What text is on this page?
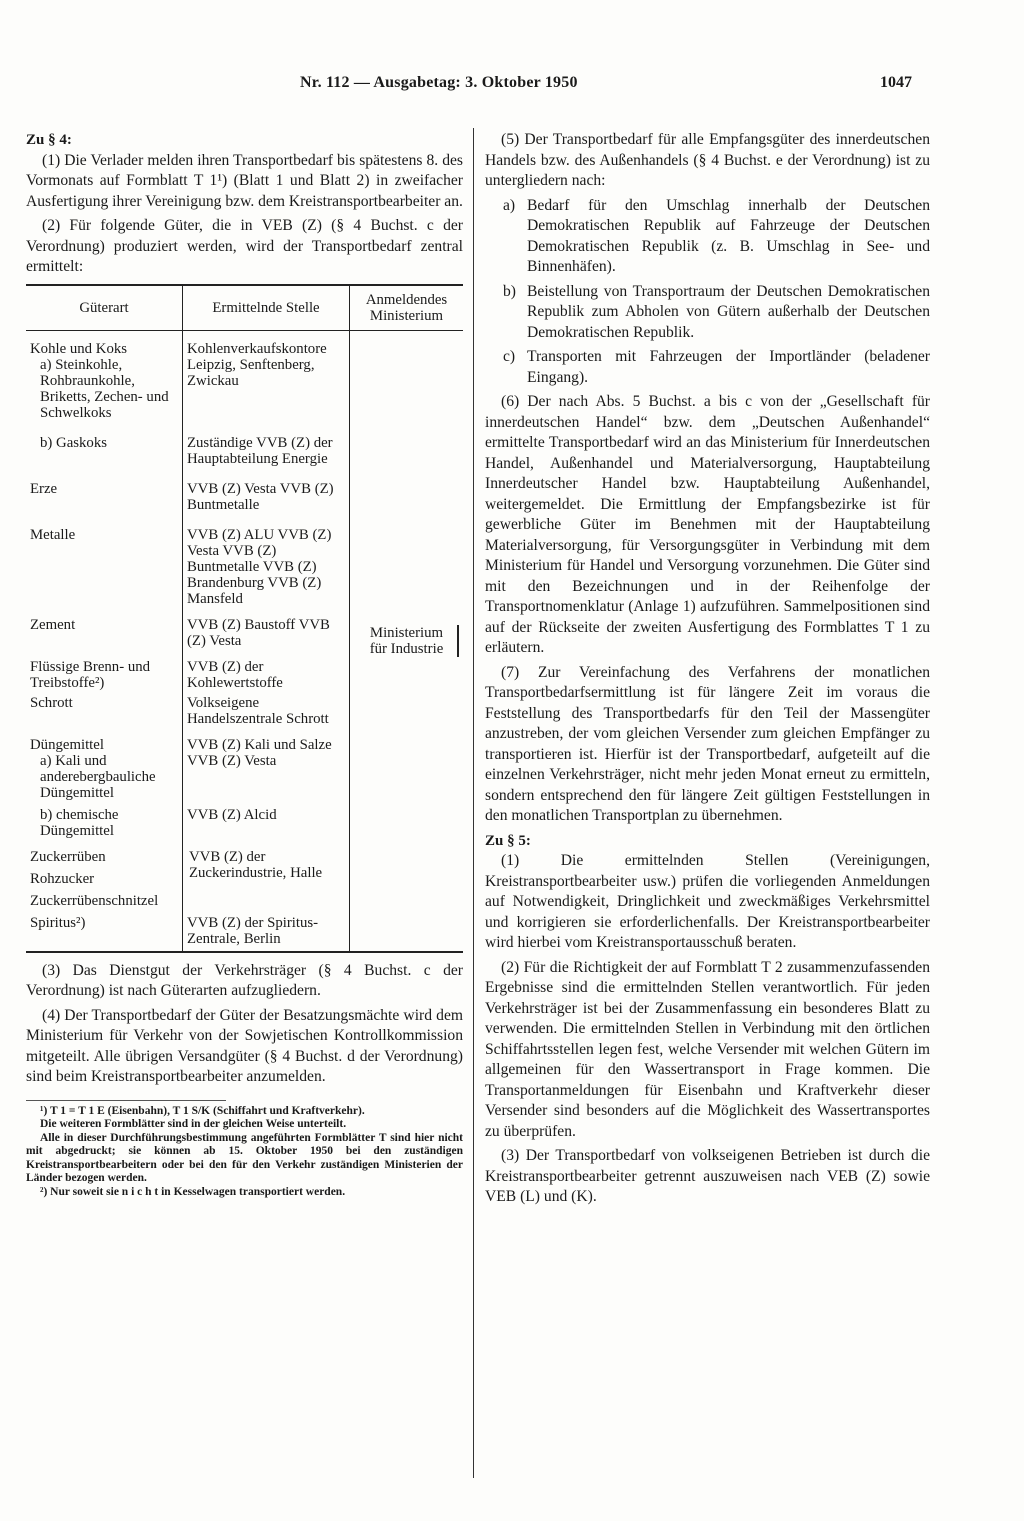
Nr. 112 — Ausgabetag: 3. Oktober 1950	1047

Zu § 4:

(1) Die Verlader melden ihren Transportbedarf bis spätestens 8. des Vormonats auf Formblatt T 1¹) (Blatt 1 und Blatt 2) in zweifacher Ausfertigung ihrer Vereinigung bzw. dem Kreistransportbearbeiter an.

(2) Für folgende Güter, die in VEB (Z) (§ 4 Buchst. c der Verordnung) produziert werden, wird der Transportbedarf zentral ermittelt:

Güterart	Ermittelnde Stelle	Anmeldendes Ministerium

		Ministerium für Industrie

Kohle und Koks	Kohlenverkaufskontore Leipzig, Senftenberg, Zwickau	
a) Steinkohle, Rohbraunkohle, Briketts, Zechen- und Schwelkoks		
b) Gaskoks	Zuständige VVB (Z) der Hauptabteilung Energie	
Erze	VVB (Z) Vesta VVB (Z) Buntmetalle	
Metalle	VVB (Z) ALU VVB (Z) Vesta VVB (Z) Buntmetalle VVB (Z) Brandenburg VVB (Z) Mansfeld	
Zement	VVB (Z) Baustoff VVB (Z) Vesta	
Flüssige Brenn- und Treibstoffe²)	VVB (Z) der Kohlewertstoffe	
Schrott	Volkseigene Handelszentrale Schrott	
Düngemittel	VVB (Z) Kali und Salze VVB (Z) Vesta	
a) Kali und anderebergbauliche Düngemittel		
b) chemische Düngemittel	VVB (Z) Alcid	
Zuckerrüben	VVB (Z) der Zuckerindustrie, Halle	
Rohzucker		
Zuckerrübenschnitzel		
Spiritus²)	VVB (Z) der Spiritus-Zentrale, Berlin	

(3) Das Dienstgut der Verkehrsträger (§ 4 Buchst. c der Verordnung) ist nach Güterarten aufzugliedern.

(4) Der Transportbedarf der Güter der Besatzungsmächte wird dem Ministerium für Verkehr von der Sowjetischen Kontrollkommission mitgeteilt. Alle übrigen Versandgüter (§ 4 Buchst. d der Verordnung) sind beim Kreistransportbearbeiter anzumelden.

¹) T 1 = T 1 E (Eisenbahn), T 1 S/K (Schiffahrt und Kraftverkehr).

Die weiteren Formblätter sind in der gleichen Weise unterteilt.

Alle in dieser Durchführungsbestimmung angeführten Formblätter T sind hier nicht mit abgedruckt; sie können ab 15. Oktober 1950 bei den zuständigen Kreistransportbearbeitern oder bei den für den Verkehr zuständigen Ministerien der Länder bezogen werden.

²) Nur soweit sie n i c h t in Kesselwagen transportiert werden.

(5) Der Transportbedarf für alle Empfangsgüter des innerdeutschen Handels bzw. des Außenhandels (§ 4 Buchst. e der Verordnung) ist zu untergliedern nach:

a) Bedarf für den Umschlag innerhalb der Deutschen Demokratischen Republik auf Fahrzeuge der Deutschen Demokratischen Republik (z. B. Umschlag in See- und Binnenhäfen).
b) Beistellung von Transportraum der Deutschen Demokratischen Republik zum Abholen von Gütern außerhalb der Deutschen Demokratischen Republik.
c) Transporten mit Fahrzeugen der Importländer (beladener Eingang).

(6) Der nach Abs. 5 Buchst. a bis c von der „Gesellschaft für innerdeutschen Handel“ bzw. dem „Deutschen Außenhandel“ ermittelte Transportbedarf wird an das Ministerium für Innerdeutschen Handel, Außenhandel und Materialversorgung, Hauptabteilung Innerdeutscher Handel bzw. Hauptabteilung Außenhandel, weitergemeldet. Die Ermittlung der Empfangsbezirke ist für gewerbliche Güter im Benehmen mit der Hauptabteilung Materialversorgung, für Versorgungsgüter in Verbindung mit dem Ministerium für Handel und Versorgung vorzunehmen. Die Güter sind mit den Bezeichnungen und in der Reihenfolge der Transportnomenklatur (Anlage 1) aufzuführen. Sammelpositionen sind auf der Rückseite der zweiten Ausfertigung des Formblattes T 1 zu erläutern.

(7) Zur Vereinfachung des Verfahrens der monatlichen Transportbedarfsermittlung ist für längere Zeit im voraus die Feststellung des Transportbedarfs für den Teil der Massengüter anzustreben, der vom gleichen Versender zum gleichen Empfänger zu transportieren ist. Hierfür ist der Transportbedarf, aufgeteilt auf die einzelnen Verkehrsträger, nicht mehr jeden Monat erneut zu ermitteln, sondern entsprechend den für längere Zeit gültigen Feststellungen in den monatlichen Transportplan zu übernehmen.

Zu § 5:

(1) Die ermittelnden Stellen (Vereinigungen, Kreistransportbearbeiter usw.) prüfen die vorliegenden Anmeldungen auf Notwendigkeit, Dringlichkeit und zweckmäßiges Verkehrsmittel und korrigieren sie erforderlichenfalls. Der Kreistransportbearbeiter wird hierbei vom Kreistransportausschuß beraten.

(2) Für die Richtigkeit der auf Formblatt T 2 zusammenzufassenden Ergebnisse sind die ermittelnden Stellen verantwortlich. Für jeden Verkehrsträger ist bei der Zusammenfassung ein besonderes Blatt zu verwenden. Die ermittelnden Stellen in Verbindung mit den örtlichen Schiffahrtsstellen legen fest, welche Versender mit welchen Gütern im allgemeinen für den Wassertransport in Frage kommen. Die Transportanmeldungen für Eisenbahn und Kraftverkehr dieser Versender sind besonders auf die Möglichkeit des Wassertransportes zu überprüfen.

(3) Der Transportbedarf von volkseigenen Betrieben ist durch die Kreistransportbearbeiter getrennt auszuweisen nach VEB (Z) sowie VEB (L) und (K).
